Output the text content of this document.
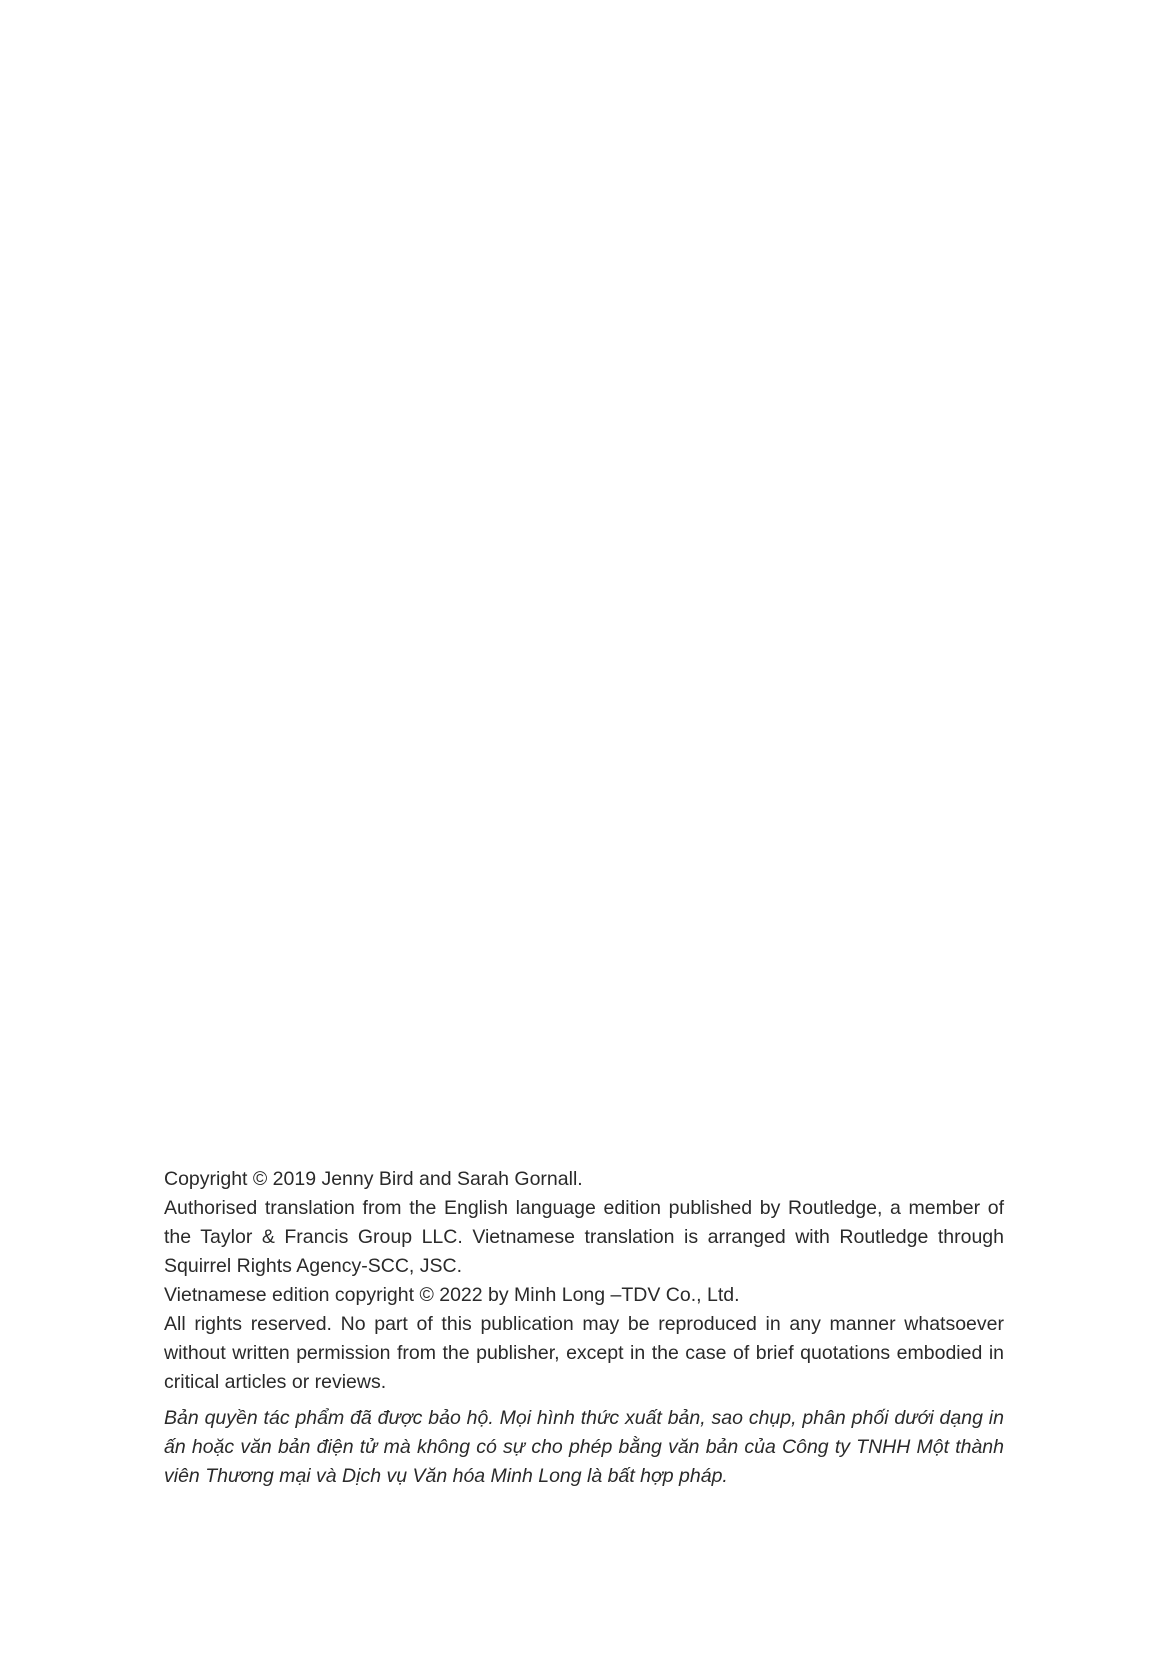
Copyright © 2019 Jenny Bird and Sarah Gornall.

Authorised translation from the English language edition published by Routledge, a member of the Taylor & Francis Group LLC. Vietnamese translation is arranged with Routledge through Squirrel Rights Agency-SCC, JSC.

Vietnamese edition copyright © 2022 by Minh Long –TDV Co., Ltd.

All rights reserved. No part of this publication may be reproduced in any manner whatsoever without written permission from the publisher, except in the case of brief quotations embodied in critical articles or reviews.

Bản quyền tác phẩm đã được bảo hộ. Mọi hình thức xuất bản, sao chụp, phân phối dưới dạng in ấn hoặc văn bản điện tử mà không có sự cho phép bằng văn bản của Công ty TNHH Một thành viên Thương mại và Dịch vụ Văn hóa Minh Long là bất hợp pháp.
